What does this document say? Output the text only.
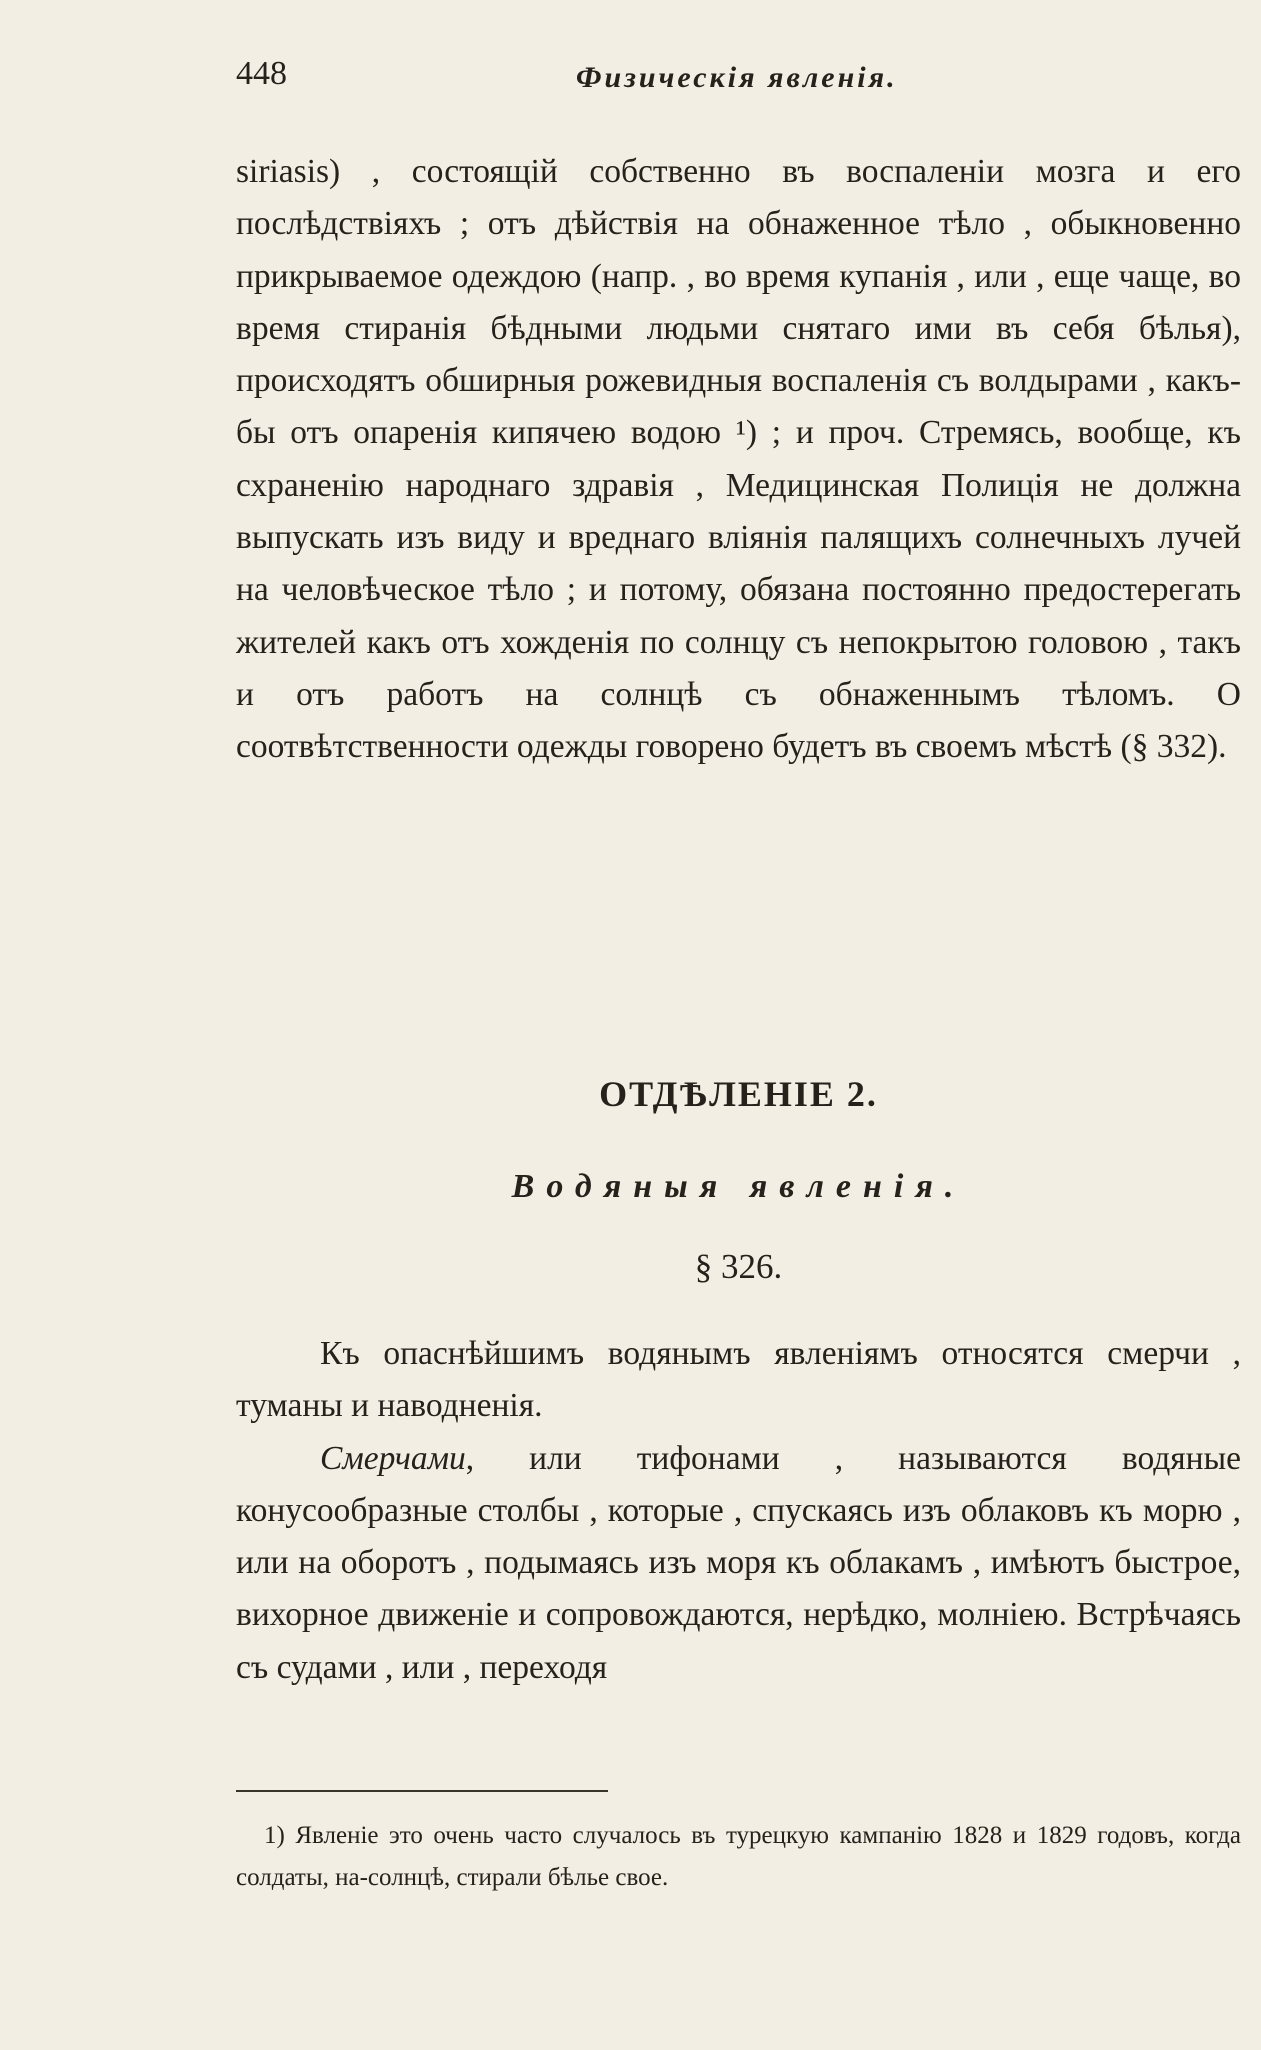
448	Физическія явленія.

siriasis) , состоящій собственно въ воспаленіи мозга и его послѣдствіяхъ ; отъ дѣйствія на обнаженное тѣло , обыкновенно прикрываемое одеждою (напр. , во время купанія , или , еще чаще, во время стиранія бѣдными людьми снятаго ими въ себя бѣлья), происходятъ обширныя рожевидныя воспаленія съ волдырами , какъ-бы отъ опаренія кипячею водою ¹) ; и проч. Стремясь, вообще, къ схраненію народнаго здравія , Медицинская Полиція не должна выпускать изъ виду и вреднаго вліянія палящихъ солнечныхъ лучей на человѣческое тѣло ; и потому, обязана постоянно предостерегать жителей какъ отъ хожденія по солнцу съ непокрытою головою , такъ и отъ работъ на солнцѣ съ обнаженнымъ тѣломъ. О соотвѣтственности одежды говорено будетъ въ своемъ мѣстѣ (§ 332).

ОТДѢЛЕНІЕ 2.
Водяныя явленія.
§ 326.

Къ опаснѣйшимъ водянымъ явленіямъ относятся смерчи , туманы и наводненія.

Смерчами, или тифонами , называются водяные конусообразные столбы , которые , спускаясь изъ облаковъ къ морю , или на оборотъ , подымаясь изъ моря къ облакамъ , имѣютъ быстрое, вихорное движеніе и сопровождаются, нерѣдко, молніею. Встрѣчаясь съ судами , или , переходя

1) Явленіе это очень часто случалось въ турецкую кампанію 1828 и 1829 годовъ, когда солдаты, на-солнцѣ, стирали бѣлье свое.
